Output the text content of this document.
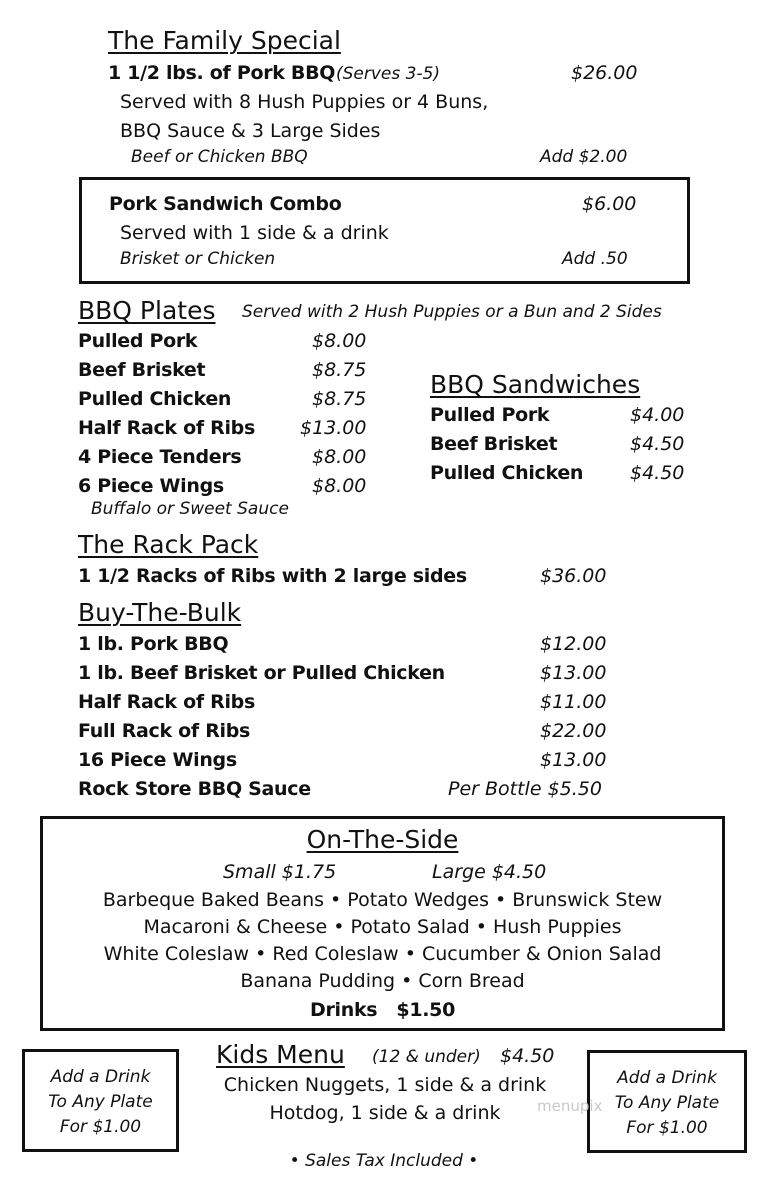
The Family Special
1 1/2 lbs. of Pork BBQ (Serves 3-5)	$26.00
Served with 8 Hush Puppies or 4 Buns,
BBQ Sauce & 3 Large Sides
Beef or Chicken BBQ	Add $2.00
Pork Sandwich Combo	$6.00
Served with 1 side & a drink
Brisket or Chicken	Add .50
BBQ Plates Served with 2 Hush Puppies or a Bun and 2 Sides
Pulled Pork	$8.00
Beef Brisket	$8.75
Pulled Chicken	$8.75
Half Rack of Ribs $13.00
4 Piece Tenders	$8.00
6 Piece Wings	$8.00
Buffalo or Sweet Sauce
BBQ Sandwiches
Pulled Pork	$4.00
Beef Brisket	$4.50
Pulled Chicken $4.50
The Rack Pack
1 1/2 Racks of Ribs with 2 large sides	$36.00
Buy-The-Bulk
1 lb. Pork BBQ	$12.00
1 lb. Beef Brisket or Pulled Chicken	$13.00
Half Rack of Ribs	$11.00
Full Rack of Ribs	$22.00
16 Piece Wings	$13.00
Rock Store BBQ Sauce	Per Bottle $5.50
On-The-Side
Small $1.75	Large $4.50
Barbeque Baked Beans • Potato Wedges • Brunswick Stew
Macaroni & Cheese • Potato Salad • Hush Puppies
White Coleslaw • Red Coleslaw • Cucumber & Onion Salad
Banana Pudding • Corn Bread
Drinks $1.50
Add a Drink
To Any Plate
For $1.00
Kids Menu (12 & under) $4.50
Chicken Nuggets, 1 side & a drink
Hotdog, 1 side & a drink
Add a Drink
To Any Plate
For $1.00
menupix
• Sales Tax Included •
